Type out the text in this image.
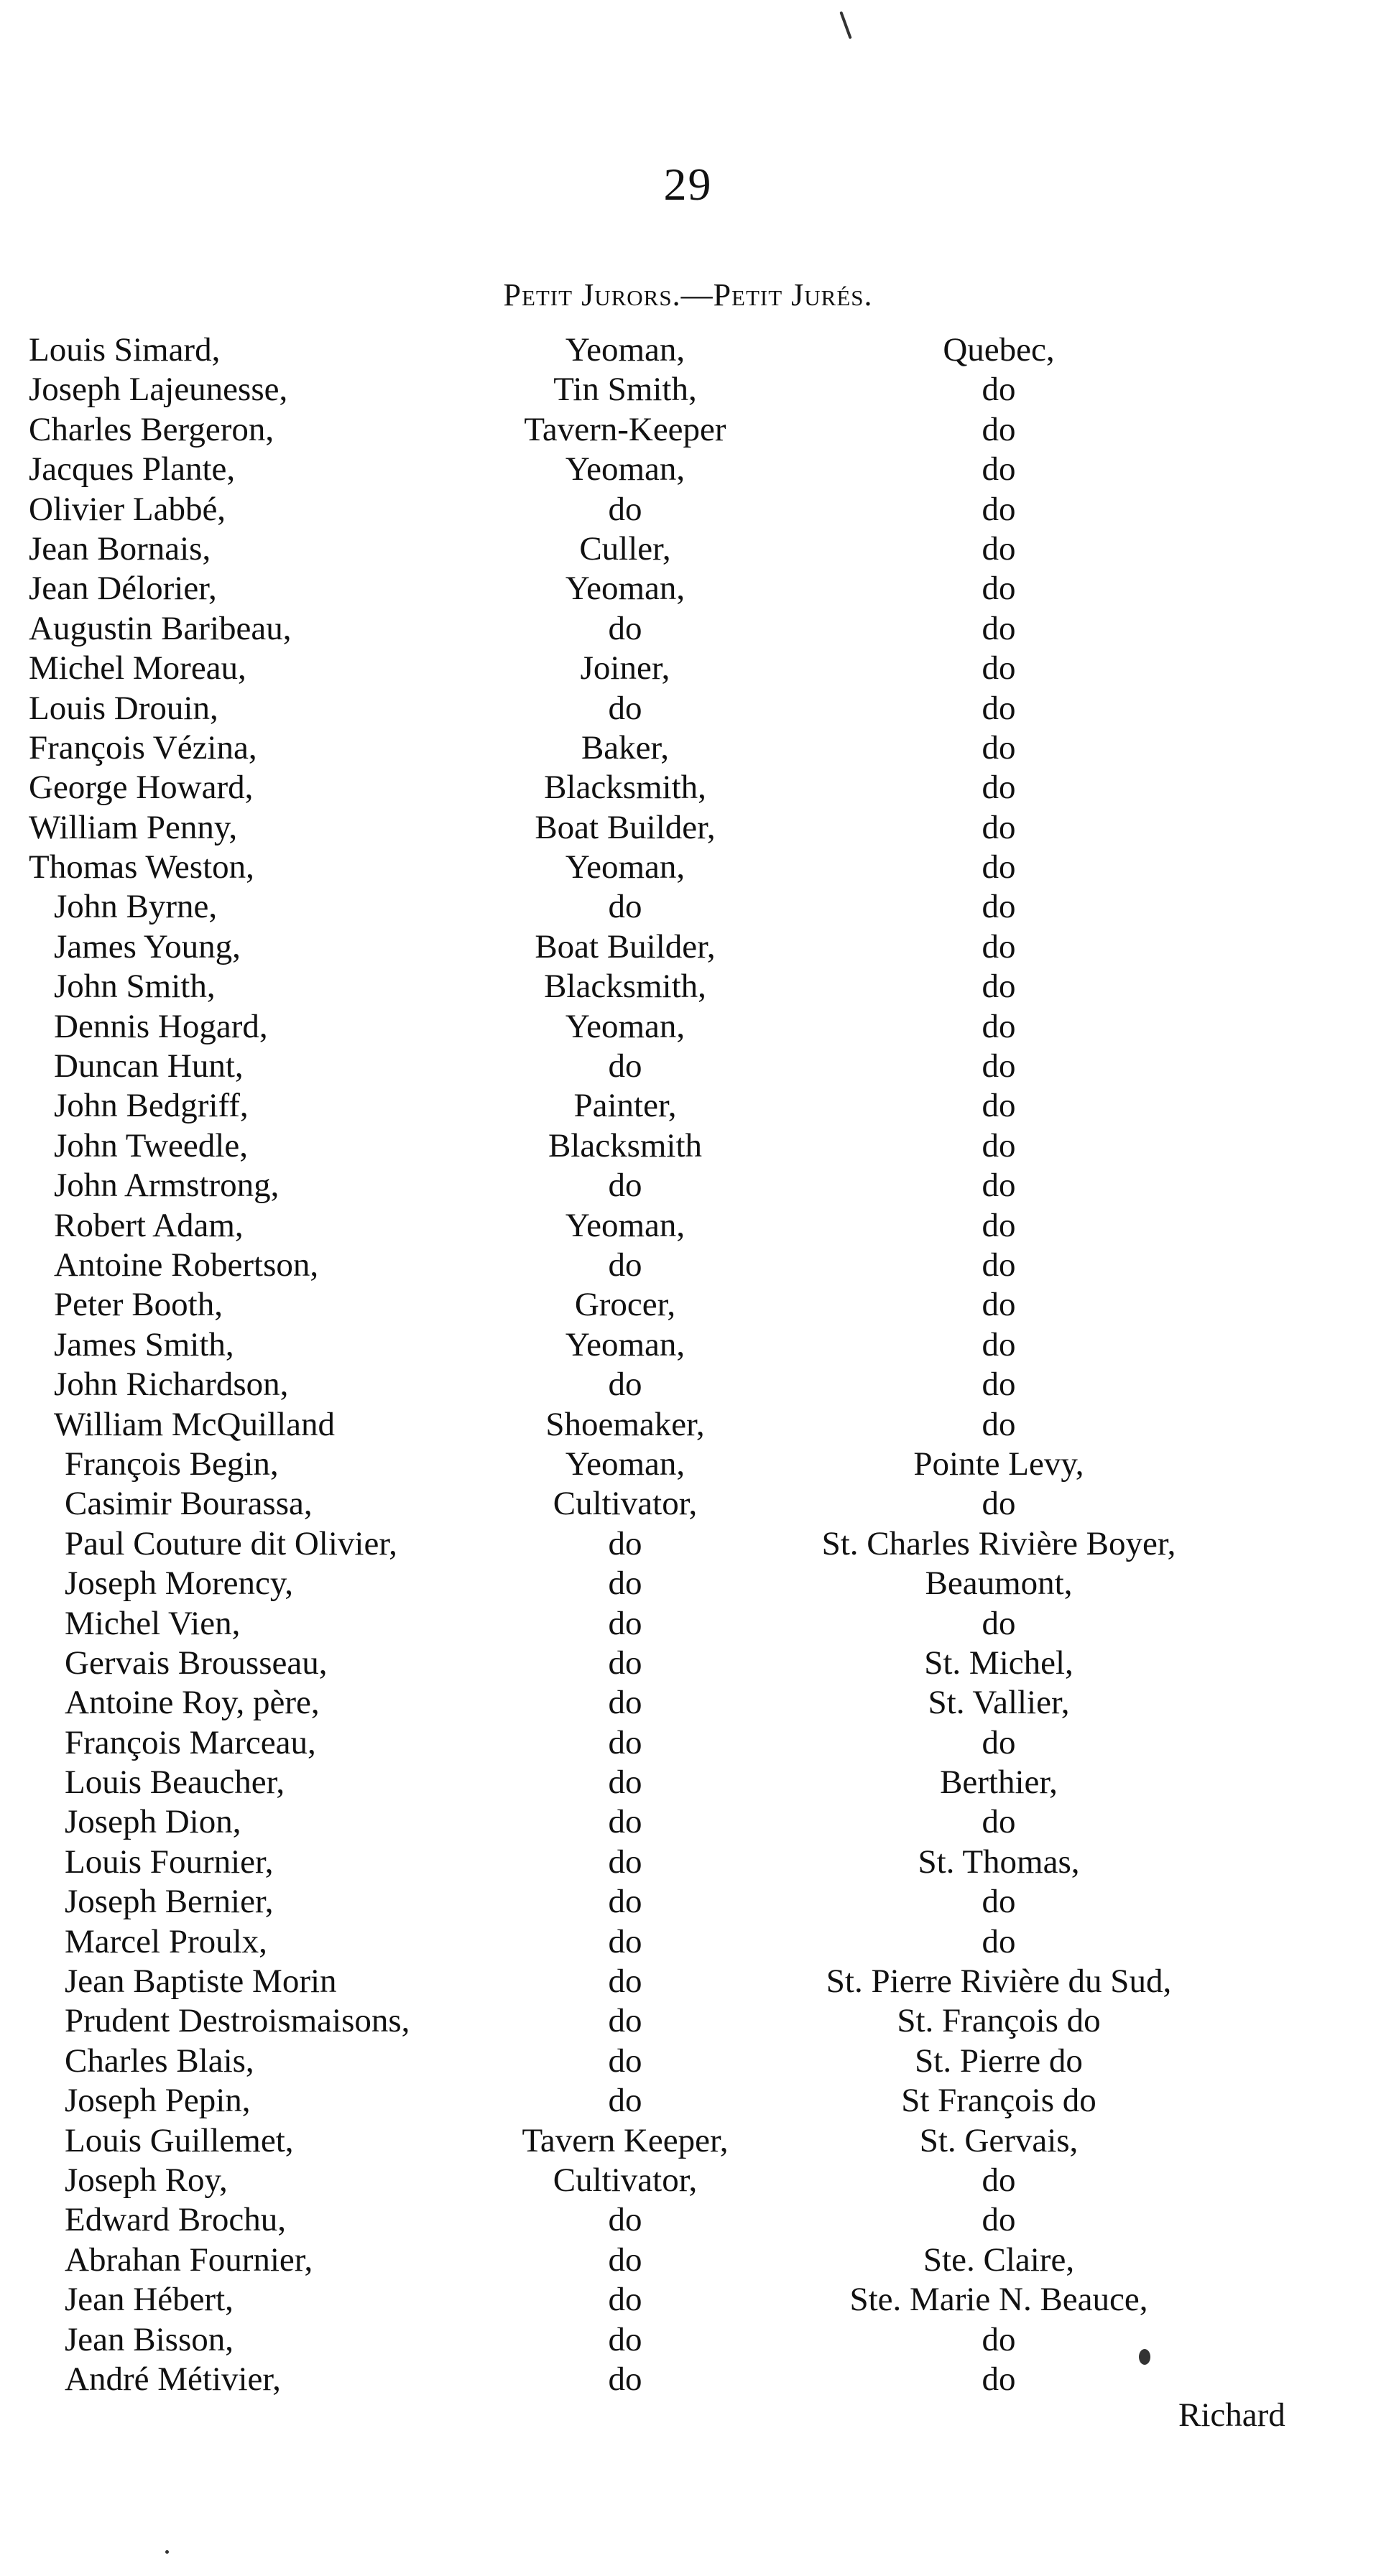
29
Petit Jurors.—Petit Jurés.
Louis Simard,	Yeoman,	Quebec,
Joseph Lajeunesse,	Tin Smith,	do
Charles Bergeron,	Tavern-Keeper	do
Jacques Plante,	Yeoman,	do
Olivier Labbé,	do	do
Jean Bornais,	Culler,	do
Jean Délorier,	Yeoman,	do
Augustin Baribeau,	do	do
Michel Moreau,	Joiner,	do
Louis Drouin,	do	do
François Vézina,	Baker,	do
George Howard,	Blacksmith,	do
William Penny,	Boat Builder,	do
Thomas Weston,	Yeoman,	do
John Byrne,	do	do
James Young,	Boat Builder,	do
John Smith,	Blacksmith,	do
Dennis Hogard,	Yeoman,	do
Duncan Hunt,	do	do
John Bedgriff,	Painter,	do
John Tweedle,	Blacksmith	do
John Armstrong,	do	do
Robert Adam,	Yeoman,	do
Antoine Robertson,	do	do
Peter Booth,	Grocer,	do
James Smith,	Yeoman,	do
John Richardson,	do	do
William McQuilland	Shoemaker,	do
François Begin,	Yeoman,	Pointe Levy,
Casimir Bourassa,	Cultivator,	do
Paul Couture dit Olivier,	do	St. Charles Rivière Boyer,
Joseph Morency,	do	Beaumont,
Michel Vien,	do	do
Gervais Brousseau,	do	St. Michel,
Antoine Roy, père,	do	St. Vallier,
François Marceau,	do	do
Louis Beaucher,	do	Berthier,
Joseph Dion,	do	do
Louis Fournier,	do	St. Thomas,
Joseph Bernier,	do	do
Marcel Proulx,	do	do
Jean Baptiste Morin	do	St. Pierre Rivière du Sud,
Prudent Destroismaisons,	do	St. François do
Charles Blais,	do	St. Pierre do
Joseph Pepin,	do	St François do
Louis Guillemet,	Tavern Keeper,	St. Gervais,
Joseph Roy,	Cultivator,	do
Edward Brochu,	do	do
Abrahan Fournier,	do	Ste. Claire,
Jean Hébert,	do	Ste. Marie N. Beauce,
Jean Bisson,	do	do
André Métivier,	do	do
Richard
